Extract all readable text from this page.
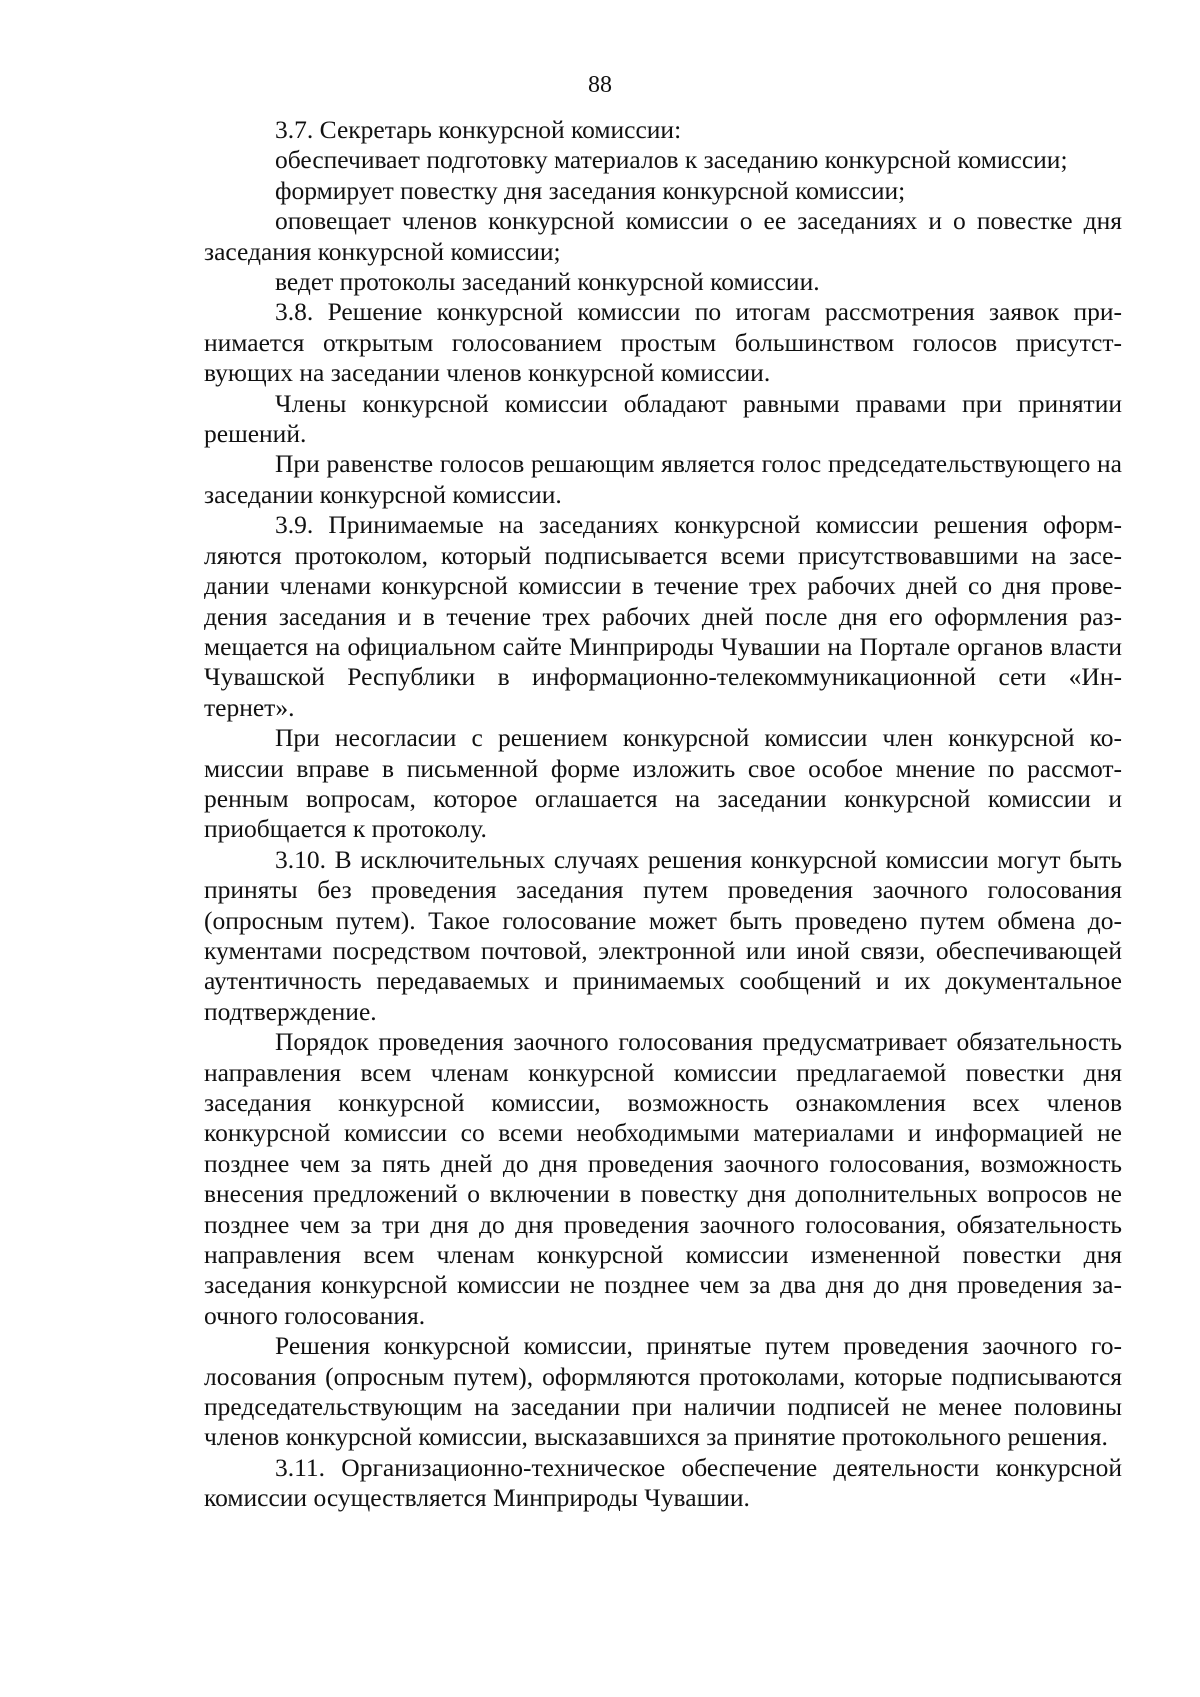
88

3.7. Секретарь конкурсной комиссии:

обеспечивает подготовку материалов к заседанию конкурсной комиссии;

формирует повестку дня заседания конкурсной комиссии;

оповещает членов конкурсной комиссии о ее заседаниях и о повестке дня заседания конкурсной комиссии;

ведет протоколы заседаний конкурсной комиссии.

3.8. Решение конкурсной комиссии по итогам рассмотрения заявок принимается открытым голосованием простым большинством голосов присутствующих на заседании членов конкурсной комиссии.

Члены конкурсной комиссии обладают равными правами при принятии решений.

При равенстве голосов решающим является голос председательствующего на заседании конкурсной комиссии.

3.9. Принимаемые на заседаниях конкурсной комиссии решения оформляются протоколом, который подписывается всеми присутствовавшими на заседании членами конкурсной комиссии в течение трех рабочих дней со дня проведения заседания и в течение трех рабочих дней после дня его оформления размещается на официальном сайте Минприроды Чувашии на Портале органов власти Чувашской Республики в информационно-телекоммуникационной сети «Интернет».

При несогласии с решением конкурсной комиссии член конкурсной комиссии вправе в письменной форме изложить свое особое мнение по рассмотренным вопросам, которое оглашается на заседании конкурсной комиссии и приобщается к протоколу.

3.10. В исключительных случаях решения конкурсной комиссии могут быть приняты без проведения заседания путем проведения заочного голосования (опросным путем). Такое голосование может быть проведено путем обмена документами посредством почтовой, электронной или иной связи, обеспечивающей аутентичность передаваемых и принимаемых сообщений и их документальное подтверждение.

Порядок проведения заочного голосования предусматривает обязательность направления всем членам конкурсной комиссии предлагаемой повестки дня заседания конкурсной комиссии, возможность ознакомления всех членов конкурсной комиссии со всеми необходимыми материалами и информацией не позднее чем за пять дней до дня проведения заочного голосования, возможность внесения предложений о включении в повестку дня дополнительных вопросов не позднее чем за три дня до дня проведения заочного голосования, обязательность направления всем членам конкурсной комиссии измененной повестки дня заседания конкурсной комиссии не позднее чем за два дня до дня проведения заочного голосования.

Решения конкурсной комиссии, принятые путем проведения заочного голосования (опросным путем), оформляются протоколами, которые подписываются председательствующим на заседании при наличии подписей не менее половины членов конкурсной комиссии, высказавшихся за принятие протокольного решения.

3.11. Организационно-техническое обеспечение деятельности конкурсной комиссии осуществляется Минприроды Чувашии.
